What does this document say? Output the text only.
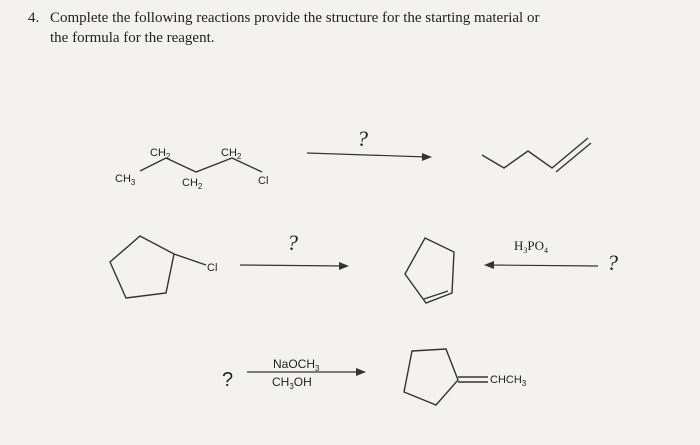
4. Complete the following reactions provide the structure for the starting material or
the formula for the reagent.
$CH_3$
$CH_2$
$CH_2$
$CH_2$
Cl
?
Cl
?	$H_3PO_4$	?
?
NaOCH$_3$
$CH_3OH$	$CHCH_3$
